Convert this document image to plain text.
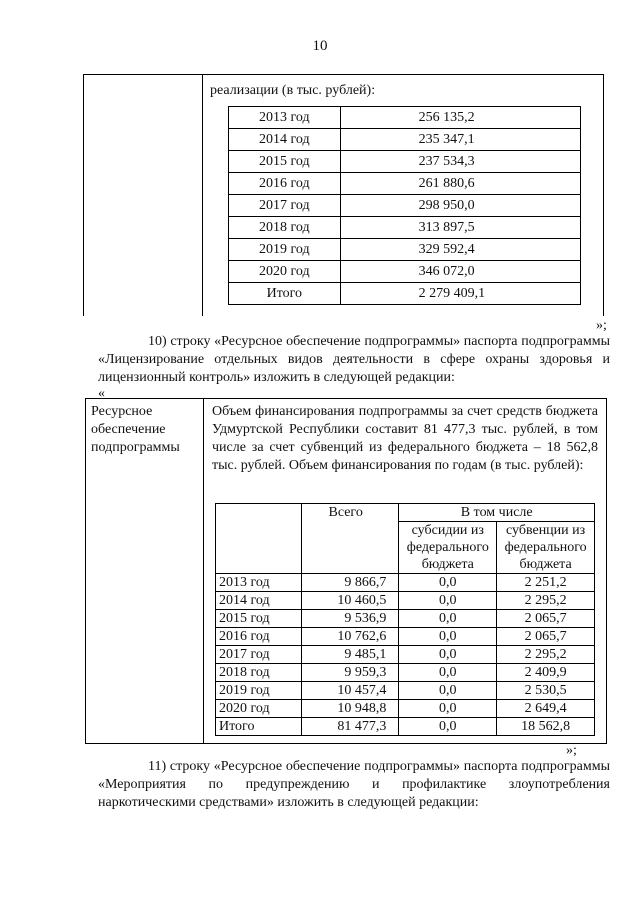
10
реализации (в тыс. рублей):
2013 год	256 135,2
2014 год	235 347,1
2015 год	237 534,3
2016 год	261 880,6
2017 год	298 950,0
2018 год	313 897,5
2019 год	329 592,4
2020 год	346 072,0
Итого	2 279 409,1
»;
10) строку «Ресурсное обеспечение подпрограммы» паспорта подпрограммы «Лицензирование отдельных видов деятельности в сфере охраны здоровья и лицензионный контроль» изложить в следующей редакции:
«
Ресурсное обеспечение подпрограммы
Объем финансирования подпрограммы за счет средств бюджета Удмуртской Республики составит 81 477,3 тыс. рублей, в том числе за счет субвенций из федерального бюджета – 18 562,8 тыс. рублей. Объем финансирования по годам (в тыс. рублей):
	Всего	В том числе	
		субсидии из федерального бюджета	субвенции из федерального бюджета
2013 год	9 866,7	0,0	2 251,2
2014 год	10 460,5	0,0	2 295,2
2015 год	9 536,9	0,0	2 065,7
2016 год	10 762,6	0,0	2 065,7
2017 год	9 485,1	0,0	2 295,2
2018 год	9 959,3	0,0	2 409,9
2019 год	10 457,4	0,0	2 530,5
2020 год	10 948,8	0,0	2 649,4
Итого	81 477,3	0,0	18 562,8
»;
11) строку «Ресурсное обеспечение подпрограммы» паспорта подпрограммы «Мероприятия по предупреждению и профилактике злоупотребления наркотическими средствами» изложить в следующей редакции:
